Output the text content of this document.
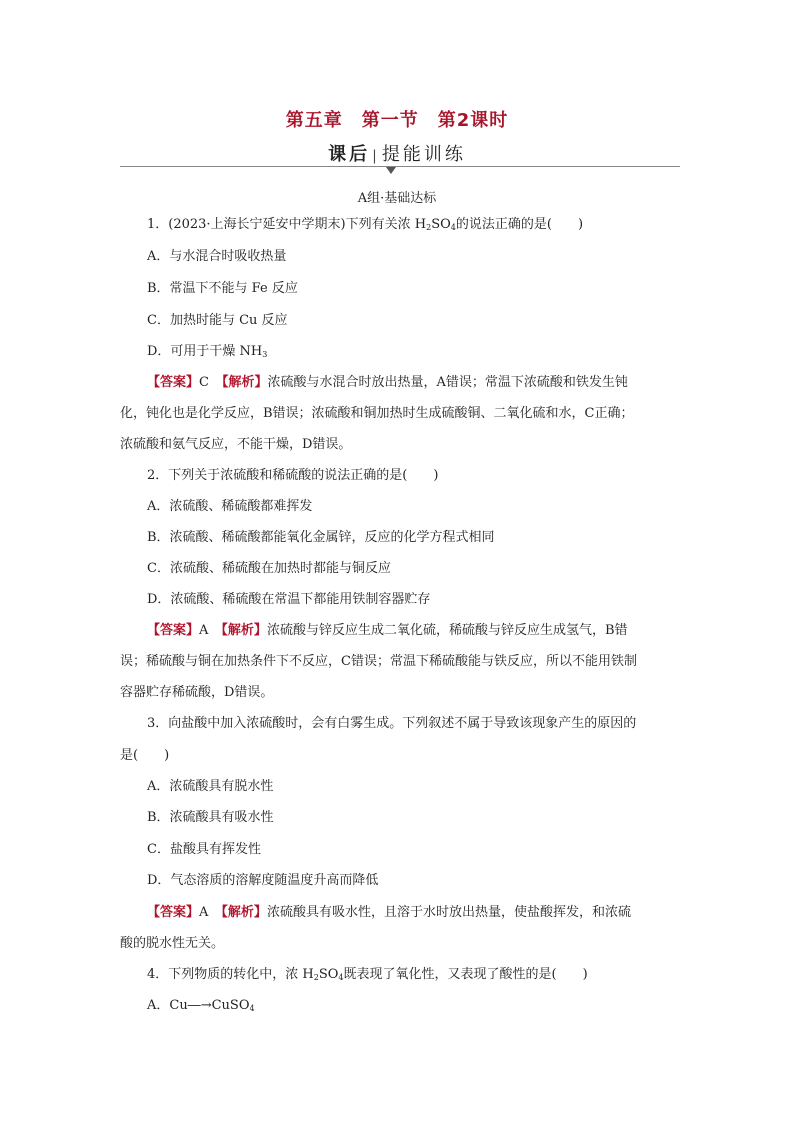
第五章　第一节　第2课时
课后 | 提能训练
A组·基础达标
1．(2023·上海长宁延安中学期末)下列有关浓 $H_2SO_4$的说法正确的是(　　)
A．与水混合时吸收热量
B．常温下不能与 Fe 反应
C．加热时能与 Cu 反应
D．可用于干燥 $NH_3$
【答案】C　 【解析】浓硫酸与水混合时放出热量，A错误；常温下浓硫酸和铁发生钝
化，钝化也是化学反应，B错误；浓硫酸和铜加热时生成硫酸铜、二氧化硫和水，C正确；
浓硫酸和氨气反应，不能干燥，D错误。
2．下列关于浓硫酸和稀硫酸的说法正确的是(　　)
A．浓硫酸、稀硫酸都难挥发
B．浓硫酸、稀硫酸都能氧化金属锌，反应的化学方程式相同
C．浓硫酸、稀硫酸在加热时都能与铜反应
D．浓硫酸、稀硫酸在常温下都能用铁制容器贮存
【答案】A　 【解析】浓硫酸与锌反应生成二氧化硫，稀硫酸与锌反应生成氢气，B错
误；稀硫酸与铜在加热条件下不反应，C错误；常温下稀硫酸能与铁反应，所以不能用铁制
容器贮存稀硫酸，D错误。
3．向盐酸中加入浓硫酸时，会有白雾生成。下列叙述不属于导致该现象产生的原因的
是(　　)
A．浓硫酸具有脱水性
B．浓硫酸具有吸水性
C．盐酸具有挥发性
D．气态溶质的溶解度随温度升高而降低
【答案】A　 【解析】浓硫酸具有吸水性，且溶于水时放出热量，使盐酸挥发，和浓硫
酸的脱水性无关。
4．下列物质的转化中，浓 $H_2SO_4$既表现了氧化性，又表现了酸性的是(　　)
A．Cu―→CuSO$_4$
